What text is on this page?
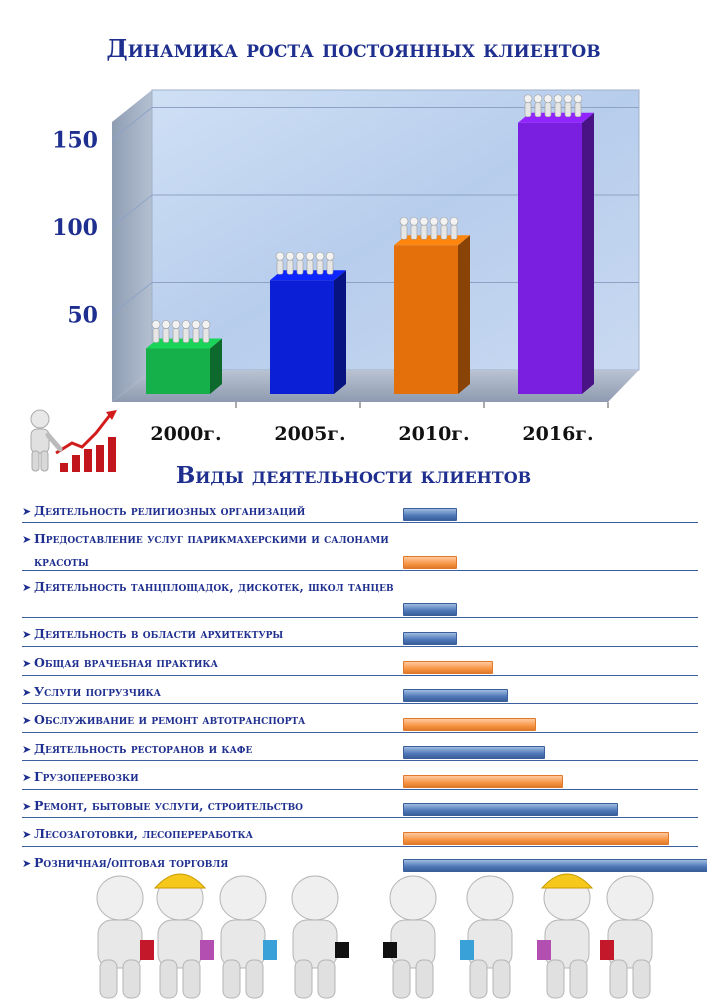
Динамика роста постоянных клиентов
50
100
150
2000г.	2005г.	2010г.	2016г.
Виды деятельности клиентов
➤ Деятельность религиозных организаций
➤ Предоставление услуг парикмахерскими и салонами красоты
➤ Деятельность танцплощадок, дискотек, школ танцев
➤ Деятельность в области архитектуры
➤ Общая врачебная практика
➤ Услуги погрузчика
➤ Обслуживание и ремонт автотранспорта
➤ Деятельность ресторанов и кафе
➤ Грузоперевозки
➤ Ремонт, бытовые услуги, строительство
➤ Лесозаготовки, лесопереработка
➤ Розничная/оптовая торговля
